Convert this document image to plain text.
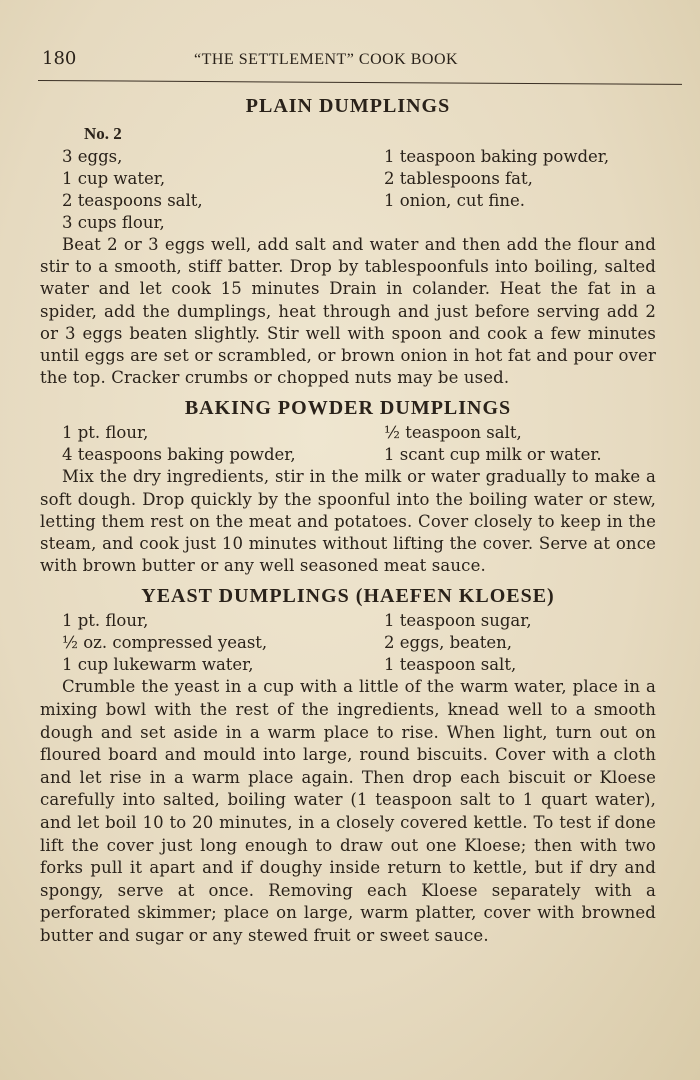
180	“THE SETTLEMENT” COOK BOOK
PLAIN DUMPLINGS
No. 2
3 eggs,	1 teaspoon baking powder,
1 cup water,	2 tablespoons fat,
2 teaspoons salt,	1 onion, cut fine.
3 cups flour,

Beat 2 or 3 eggs well, add salt and water and then add the flour and stir to a smooth, stiff batter. Drop by tablespoonfuls into boiling, salted water and let cook 15 minutes Drain in colander. Heat the fat in a spider, add the dumplings, heat through and just before serving add 2 or 3 eggs beaten slightly. Stir well with spoon and cook a few minutes until eggs are set or scrambled, or brown onion in hot fat and pour over the top. Cracker crumbs or chopped nuts may be used.

BAKING POWDER DUMPLINGS
1 pt. flour,	½ teaspoon salt,
4 teaspoons baking powder,	1 scant cup milk or water.

Mix the dry ingredients, stir in the milk or water gradually to make a soft dough. Drop quickly by the spoonful into the boiling water or stew, letting them rest on the meat and potatoes. Cover closely to keep in the steam, and cook just 10 minutes without lifting the cover. Serve at once with brown butter or any well seasoned meat sauce.

YEAST DUMPLINGS (HAEFEN KLOESE)
1 pt. flour,	1 teaspoon sugar,
½ oz. compressed yeast,	2 eggs, beaten,
1 cup lukewarm water,	1 teaspoon salt,

Crumble the yeast in a cup with a little of the warm water, place in a mixing bowl with the rest of the ingredients, knead well to a smooth dough and set aside in a warm place to rise. When light, turn out on floured board and mould into large, round biscuits. Cover with a cloth and let rise in a warm place again. Then drop each biscuit or Kloese carefully into salted, boiling water (1 teaspoon salt to 1 quart water), and let boil 10 to 20 minutes, in a closely covered kettle. To test if done lift the cover just long enough to draw out one Kloese; then with two forks pull it apart and if doughy inside return to kettle, but if dry and spongy, serve at once. Removing each Kloese separately with a perforated skimmer; place on large, warm platter, cover with browned butter and sugar or any stewed fruit or sweet sauce.
